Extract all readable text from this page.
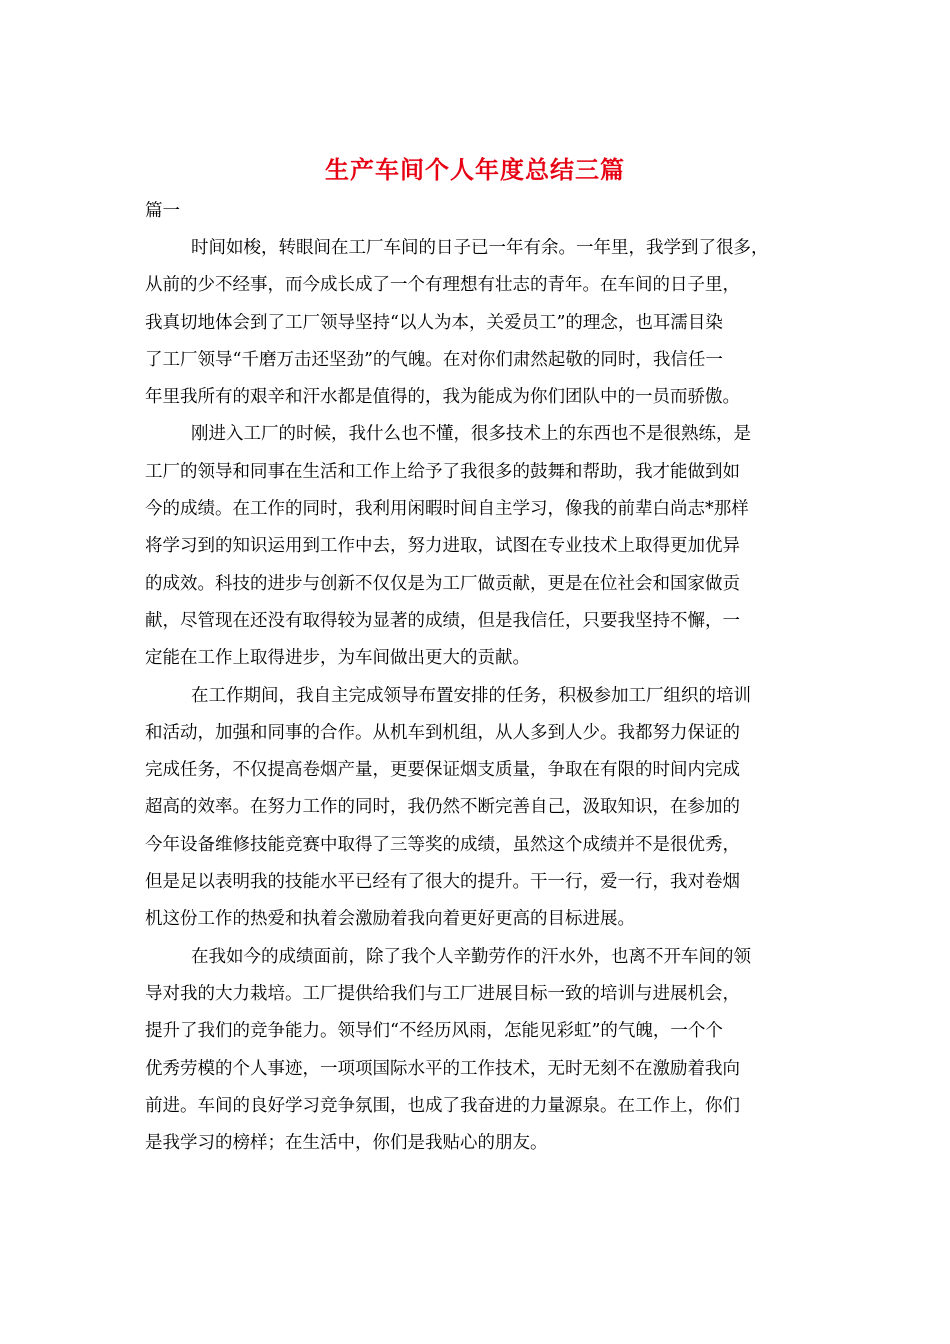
生产车间个人年度总结三篇
篇一
时间如梭，转眼间在工厂车间的日子已一年有余。一年里，我学到了很多，
从前的少不经事，而今成长成了一个有理想有壮志的青年。在车间的日子里，
我真切地体会到了工厂领导坚持“以人为本，关爱员工”的理念，也耳濡目染
了工厂领导“千磨万击还坚劲”的气魄。在对你们肃然起敬的同时，我信任一
年里我所有的艰辛和汗水都是值得的，我为能成为你们团队中的一员而骄傲。
刚进入工厂的时候，我什么也不懂，很多技术上的东西也不是很熟练，是
工厂的领导和同事在生活和工作上给予了我很多的鼓舞和帮助，我才能做到如
今的成绩。在工作的同时，我利用闲暇时间自主学习，像我的前辈白尚志*那样
将学习到的知识运用到工作中去，努力进取，试图在专业技术上取得更加优异
的成效。科技的进步与创新不仅仅是为工厂做贡献，更是在位社会和国家做贡
献，尽管现在还没有取得较为显著的成绩，但是我信任，只要我坚持不懈，一
定能在工作上取得进步，为车间做出更大的贡献。
在工作期间，我自主完成领导布置安排的任务，积极参加工厂组织的培训
和活动，加强和同事的合作。从机车到机组，从人多到人少。我都努力保证的
完成任务，不仅提高卷烟产量，更要保证烟支质量，争取在有限的时间内完成
超高的效率。在努力工作的同时，我仍然不断完善自己，汲取知识，在参加的
今年设备维修技能竞赛中取得了三等奖的成绩，虽然这个成绩并不是很优秀，
但是足以表明我的技能水平已经有了很大的提升。干一行，爱一行，我对卷烟
机这份工作的热爱和执着会激励着我向着更好更高的目标进展。
在我如今的成绩面前，除了我个人辛勤劳作的汗水外，也离不开车间的领
导对我的大力栽培。工厂提供给我们与工厂进展目标一致的培训与进展机会，
提升了我们的竞争能力。领导们“不经历风雨，怎能见彩虹”的气魄，一个个
优秀劳模的个人事迹，一项项国际水平的工作技术，无时无刻不在激励着我向
前进。车间的良好学习竞争氛围，也成了我奋进的力量源泉。在工作上，你们
是我学习的榜样；在生活中，你们是我贴心的朋友。
